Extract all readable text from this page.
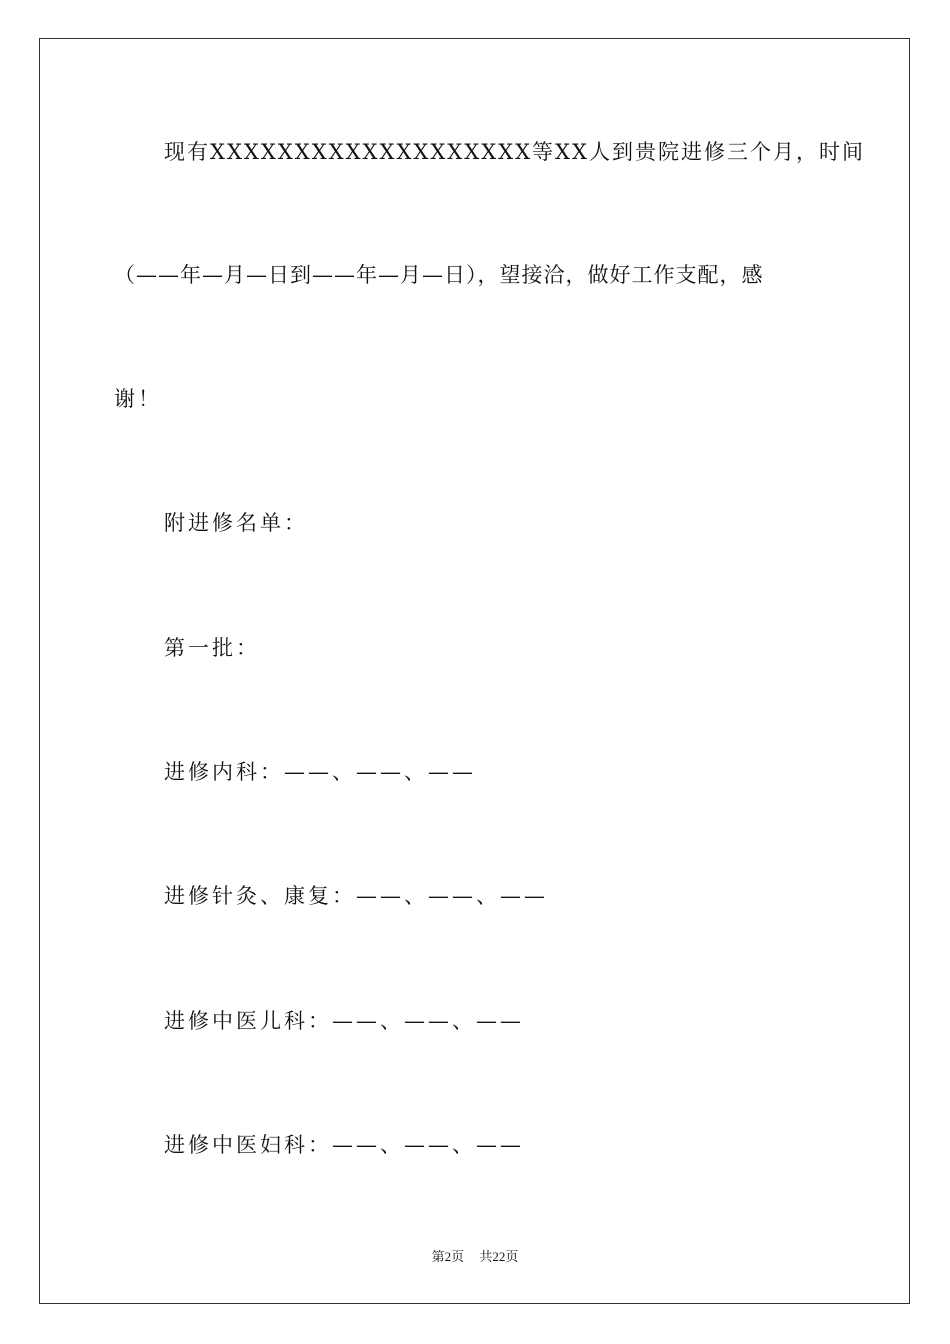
现有XXXXXXXXXXXXXXXXXXX等XX人到贵院进修三个月，时间
（——年—月—日到——年—月—日），望接洽，做好工作支配，感
谢！
附进修名单：
第一批：
进修内科：——、——、——
进修针灸、康复：——、——、——
进修中医儿科：——、——、——
进修中医妇科：——、——、——
第2页 共22页
